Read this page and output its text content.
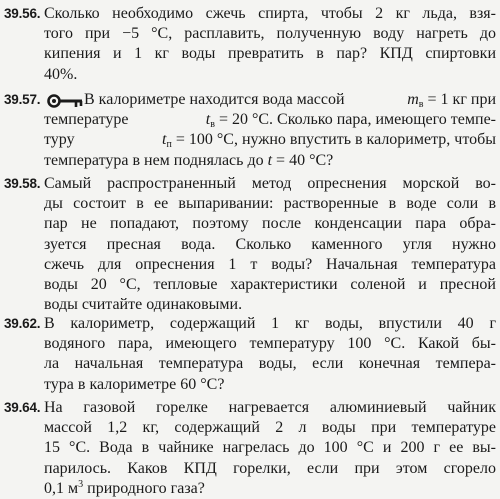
39.56. Сколько необходимо сжечь спирта, чтобы 2 кг льда, взя-
того при −5 °С, расплавить, полученную воду нагреть до
кипения и 1 кг воды превратить в пар? КПД спиртовки
40%.
39.57.	В калориметре находится вода массой	$m_в = 1$ кг при
температуре	$t_в = 20$ °С. Сколько пара, имеющего темпе-
туру	$t_п = 100$ °С, нужно впустить в калориметр, чтобы
температура в нем поднялась до t = 40 °С?
39.58. Самый распространенный метод опреснения морской во-
ды состоит в ее выпаривании: растворенные в воде соли в
пар не попадают, поэтому после конденсации пара обра-
зуется пресная вода. Сколько каменного угля нужно
сжечь для опреснения 1 т воды? Начальная температура
воды 20 °С, тепловые характеристики соленой и пресной
воды считайте одинаковыми.
39.62. В калориметр, содержащий 1 кг воды, впустили 40 г
водяного пара, имеющего температуру 100 °С. Какой бы-
ла начальная температура воды, если конечная темпера-
тура в калориметре 60 °С?
39.64. На газовой горелке нагревается алюминиевый чайник
массой 1,2 кг, содержащий 2 л воды при температуре
15 °С. Вода в чайнике нагрелась до 100 °С и 200 г ее вы-
парилось. Каков КПД горелки, если при этом сгорело
0,1 $м^3$ природного газа?
